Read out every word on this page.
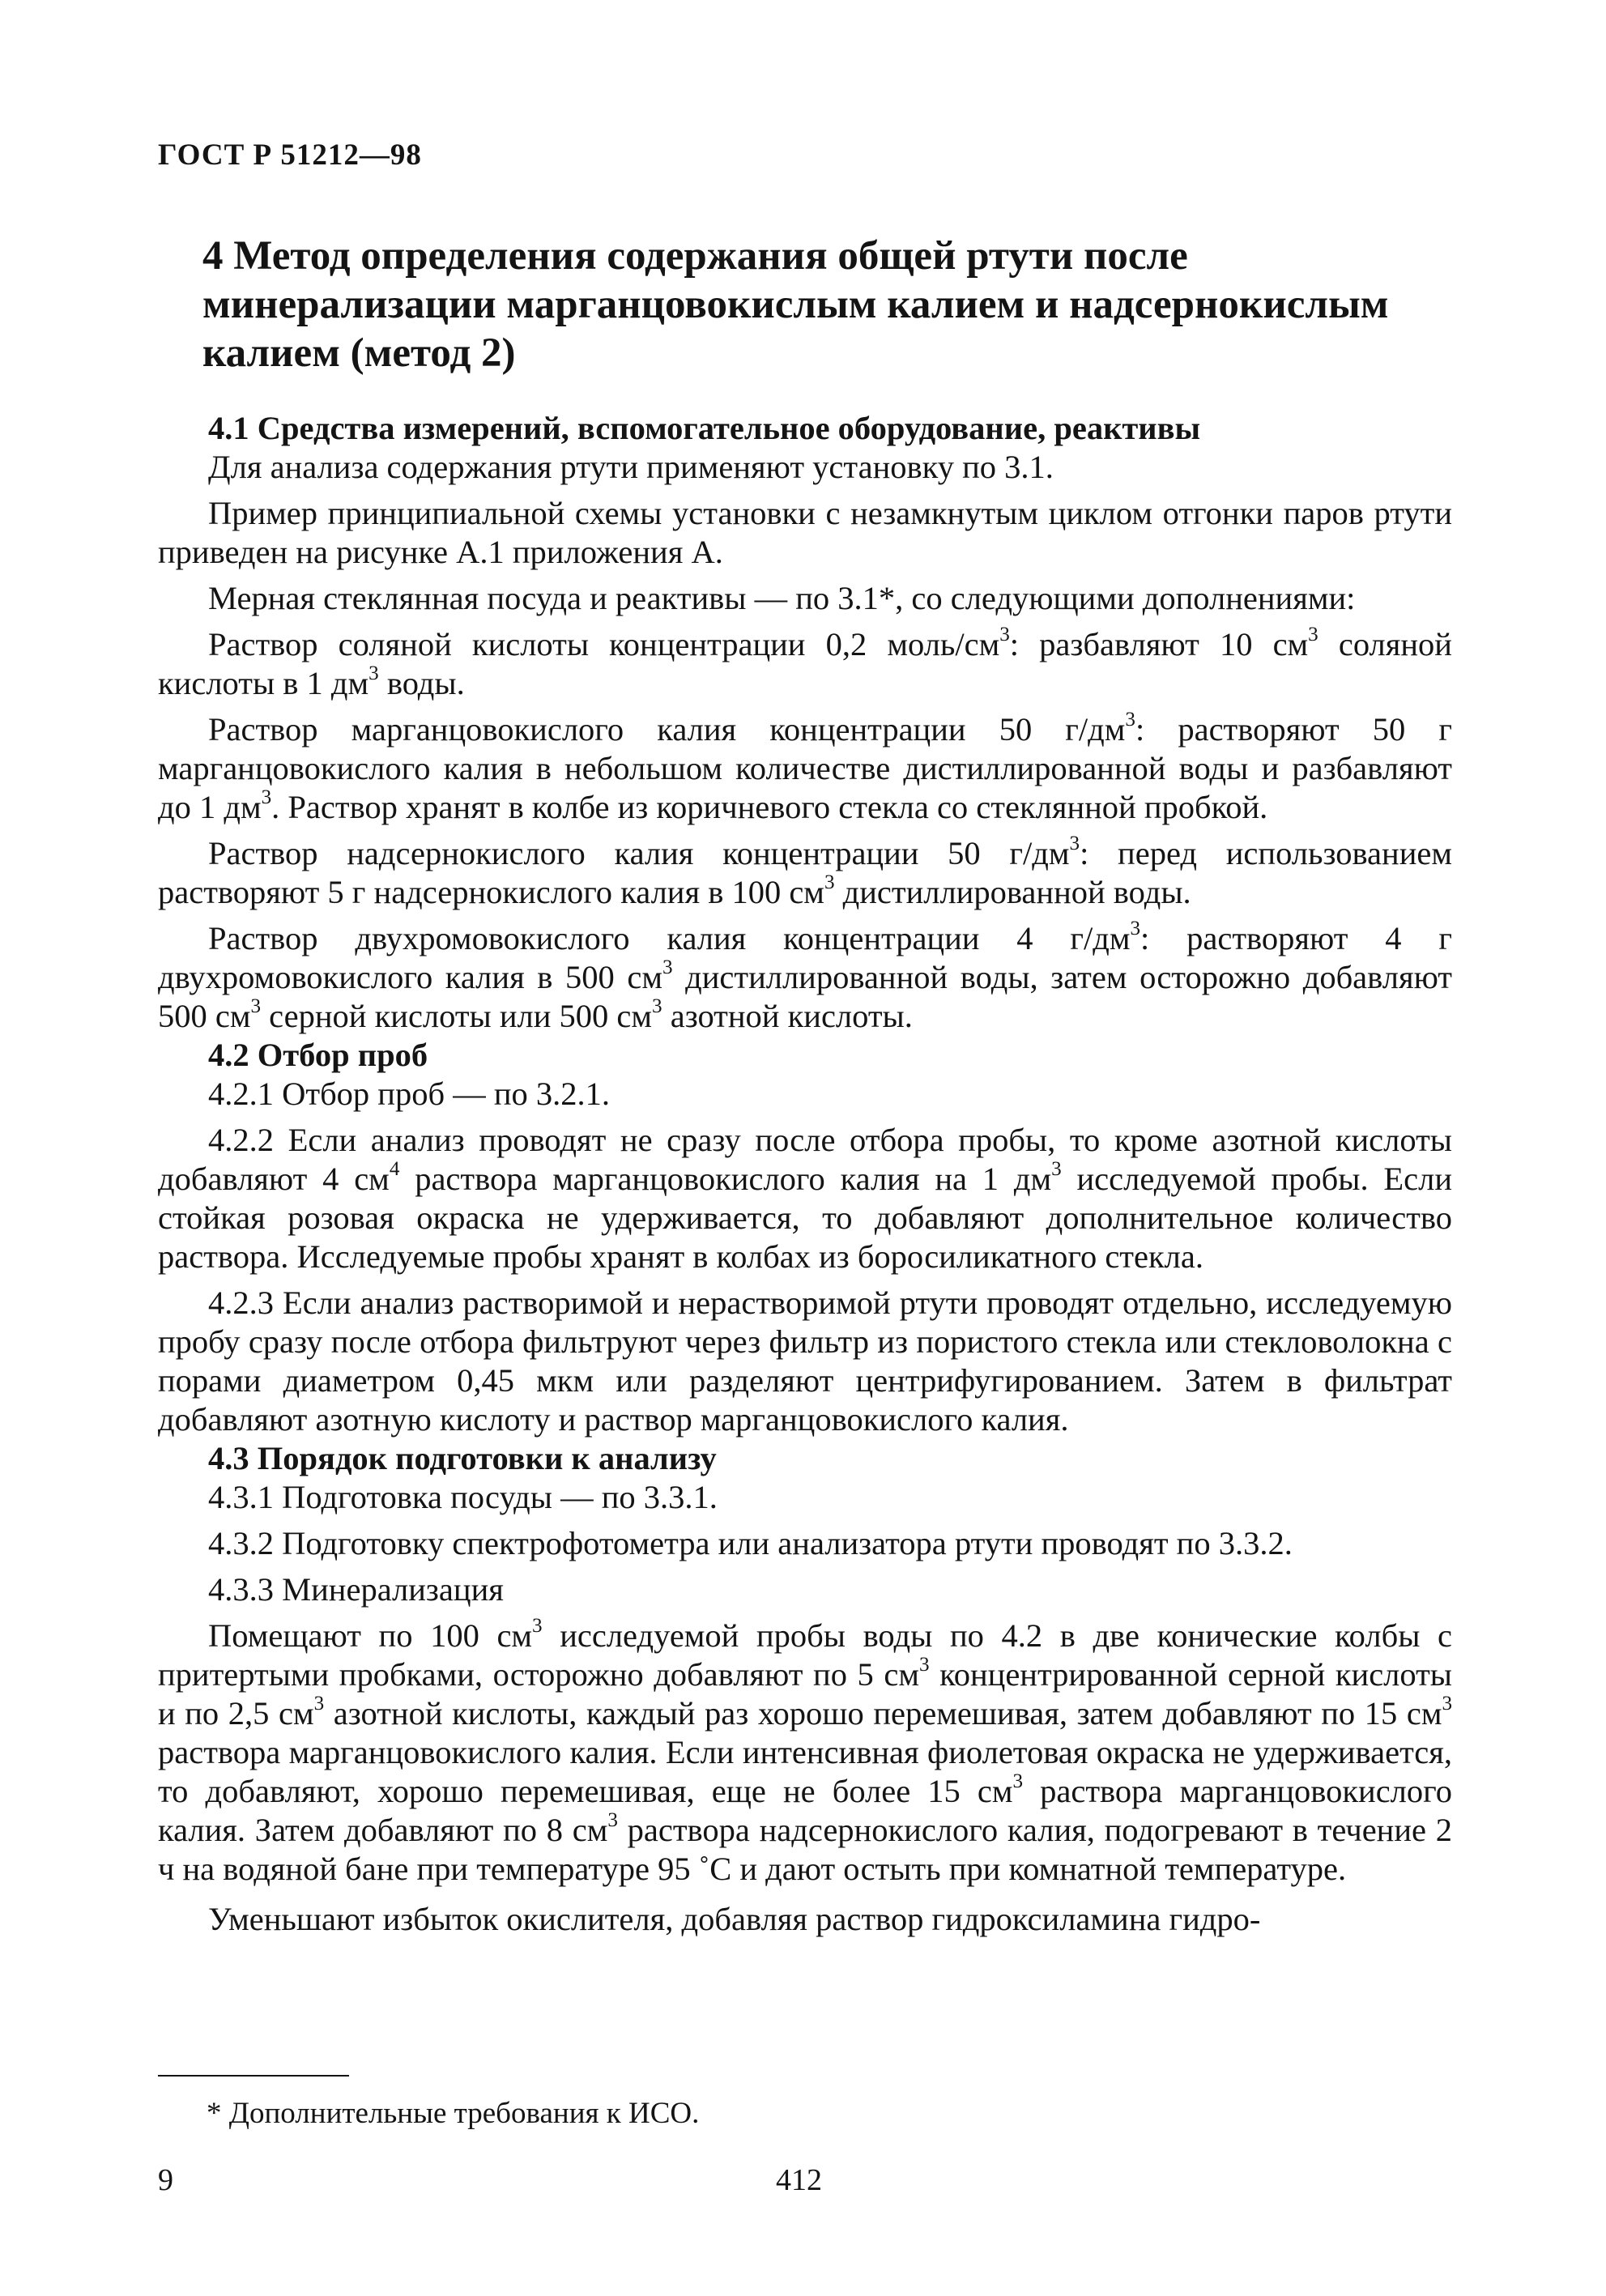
ГОСТ Р 51212—98
4 Метод определения содержания общей ртути после минерализации марганцовокислым калием и надсернокислым калием (метод 2)
4.1 Средства измерений, вспомогательное оборудование, реактивы

Для анализа содержания ртути применяют установку по 3.1.

Пример принципиальной схемы установки с незамкнутым циклом отгонки паров ртути приведен на рисунке А.1 приложения А.

Мерная стеклянная посуда и реактивы — по 3.1*, со следующими дополнениями:

Раствор соляной кислоты концентрации 0,2 моль/$см^3$: разбавляют 10 $см^3$ соляной кислоты в 1 $дм^3$ воды.

Раствор марганцовокислого калия концентрации 50 $г/дм^3$: растворяют 50 г марганцовокислого калия в небольшом количестве дистиллированной воды и разбавляют до 1 $дм^3$. Раствор хранят в колбе из коричневого стекла со стеклянной пробкой.

Раствор надсернокислого калия концентрации 50 $г/дм^3$: перед использованием растворяют 5 г надсернокислого калия в 100 $см^3$ дистиллированной воды.

Раствор двухромовокислого калия концентрации 4 $г/дм^3$: растворяют 4 г двухромовокислого калия в 500 $см^3$ дистиллированной воды, затем осторожно добавляют 500 $см^3$ серной кислоты или 500 $см^3$ азотной кислоты.

4.2 Отбор проб

4.2.1 Отбор проб — по 3.2.1.

4.2.2 Если анализ проводят не сразу после отбора пробы, то кроме азотной кислоты добавляют 4 $см^4$ раствора марганцовокислого калия на 1 $дм^3$ исследуемой пробы. Если стойкая розовая окраска не удерживается, то добавляют дополнительное количество раствора. Исследуемые пробы хранят в колбах из боросиликатного стекла.

4.2.3 Если анализ растворимой и нерастворимой ртути проводят отдельно, исследуемую пробу сразу после отбора фильтруют через фильтр из пористого стекла или стекловолокна с порами диаметром 0,45 мкм или разделяют центрифугированием. Затем в фильтрат добавляют азотную кислоту и раствор марганцовокислого калия.

4.3 Порядок подготовки к анализу

4.3.1 Подготовка посуды — по 3.3.1.

4.3.2 Подготовку спектрофотометра или анализатора ртути проводят по 3.3.2.

4.3.3 Минерализация

Помещают по 100 $см^3$ исследуемой пробы воды по 4.2 в две конические колбы с притертыми пробками, осторожно добавляют по 5 $см^3$ концентрированной серной кислоты и по 2,5 $см^3$ азотной кислоты, каждый раз хорошо перемешивая, затем добавляют по 15 $см^3$ раствора марганцовокислого калия. Если интенсивная фиолетовая окраска не удерживается, то добавляют, хорошо перемешивая, еще не более 15 $см^3$ раствора марганцовокислого калия. Затем добавляют по 8 $см^3$ раствора надсернокислого калия, подогревают в течение 2 ч на водяной бане при температуре 95 ˚С и дают остыть при комнатной температуре.

Уменьшают избыток окислителя, добавляя раствор гидроксиламина гидро-

* Дополнительные требования к ИСО.
9	412
